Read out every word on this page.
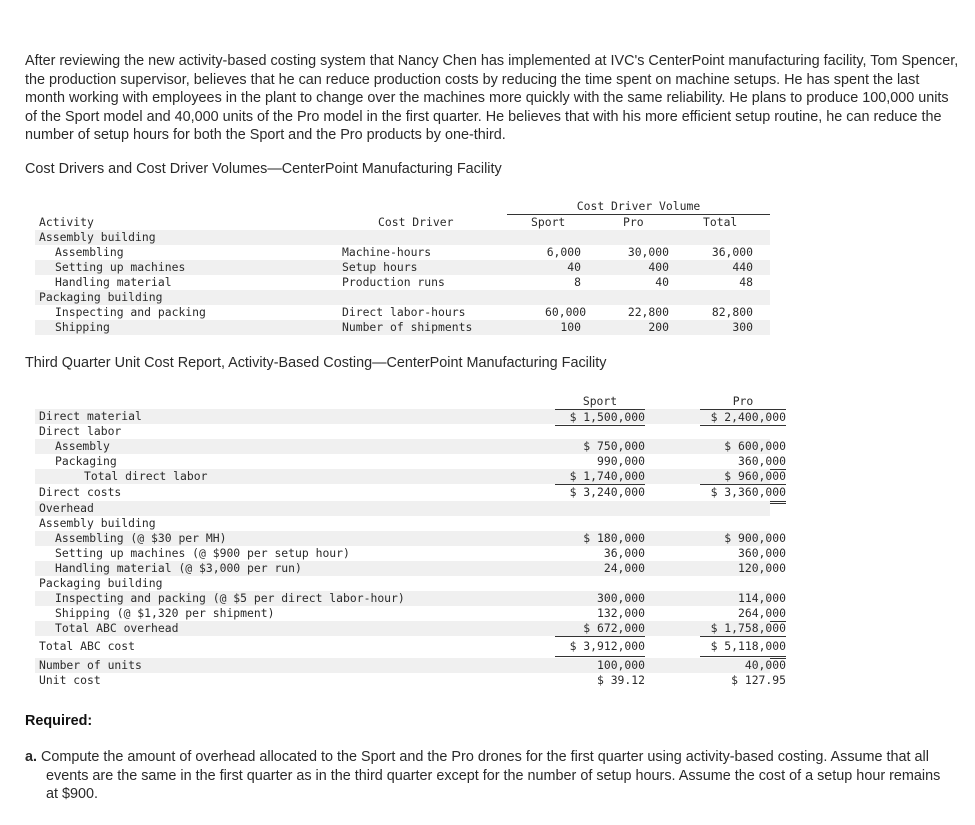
After reviewing the new activity-based costing system that Nancy Chen has implemented at IVC's CenterPoint manufacturing facility, Tom Spencer, the production supervisor, believes that he can reduce production costs by reducing the time spent on machine setups. He has spent the last month working with employees in the plant to change over the machines more quickly with the same reliability. He plans to produce 100,000 units of the Sport model and 40,000 units of the Pro model in the first quarter. He believes that with his more efficient setup routine, he can reduce the number of setup hours for both the Sport and the Pro products by one-third.
Cost Drivers and Cost Driver Volumes—CenterPoint Manufacturing Facility
Cost Driver Volume
Activity	Cost Driver	Sport	Pro	Total
Assembly building
Assembling	Machine-hours	6,000	30,000	36,000
Setting up machines	Setup hours	40	400	440
Handling material	Production runs	8	40	48
Packaging building
Inspecting and packing	Direct labor-hours	60,000	22,800	82,800
Shipping	Number of shipments	100	200	300
Third Quarter Unit Cost Report, Activity-Based Costing—CenterPoint Manufacturing Facility
Sport	Pro
Direct material	$ 1,500,000	$ 2,400,000
Direct labor
Assembly	$ 750,000	$ 600,000
Packaging	990,000	360,000
Total direct labor	$ 1,740,000	$ 960,000
Direct costs	$ 3,240,000	$ 3,360,000
Overhead
Assembly building
Assembling (@ $30 per MH)	$ 180,000	$ 900,000
Setting up machines (@ $900 per setup hour)	36,000	360,000
Handling material (@ $3,000 per run)	24,000	120,000
Packaging building
Inspecting and packing (@ $5 per direct labor-hour)	300,000	114,000
Shipping (@ $1,320 per shipment)	132,000	264,000
Total ABC overhead	$ 672,000	$ 1,758,000
Total ABC cost	$ 3,912,000	$ 5,118,000
Number of units	100,000	40,000
Unit cost	$ 39.12	$ 127.95
Required:
a. Compute the amount of overhead allocated to the Sport and the Pro drones for the first quarter using activity-based costing. Assume that all events are the same in the first quarter as in the third quarter except for the number of setup hours. Assume the cost of a setup hour remains at $900.
